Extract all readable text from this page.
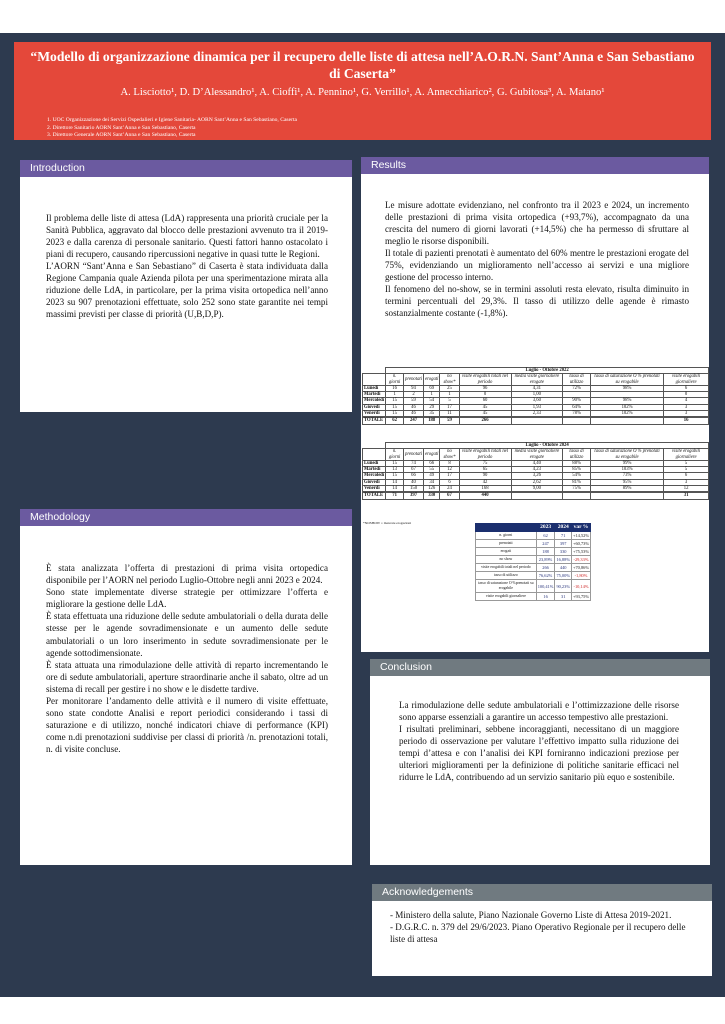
“Modello di organizzazione dinamica per il recupero delle liste di attesa nell’A.O.R.N. Sant’Anna e San Sebastiano di Caserta”
A. Lisciotto¹, D. D’Alessandro¹, A. Cioffi¹, A. Pennino¹, G. Verrillo¹, A. Annecchiarico², G. Gubitosa³, A. Matano¹
1. UOC Organizzazione dei Servizi Ospedalieri e Igiene Sanitaria- AORN Sant’Anna e San Sebastiano, Caserta
2. Direttore Sanitario AORN Sant’Anna e San Sebastiano, Caserta
3. Direttore Generale AORN Sant’Anna e San Sebastiano, Caserta
Introduction

Il problema delle liste di attesa (LdA) rappresenta una priorità cruciale per la Sanità Pubblica, aggravato dal blocco delle prestazioni avvenuto tra il 2019-2023 e dalla carenza di personale sanitario. Questi fattori hanno ostacolato i piani di recupero, causando ripercussioni negative in quasi tutte le Regioni.

L’AORN “Sant’Anna e San Sebastiano” di Caserta è stata individuata dalla Regione Campania quale Azienda pilota per una sperimentazione mirata alla riduzione delle LdA, in particolare, per la prima visita ortopedica nell’anno 2023 su 907 prenotazioni effettuate, solo 252 sono state garantite nei tempi massimi previsti per classe di priorità (U,B,D,P).

Methodology

È stata analizzata l’offerta di prestazioni di prima visita ortopedica disponibile per l’AORN nel periodo Luglio-Ottobre negli anni 2023 e 2024.

Sono state implementate diverse strategie per ottimizzare l’offerta e migliorare la gestione delle LdA.

È stata effettuata una riduzione delle sedute ambulatoriali o della durata delle stesse per le agende sovradimensionate e un aumento delle sedute ambulatoriali o un loro inserimento in sedute sovradimensionate per le agende sottodimensionate.

È stata attuata una rimodulazione delle attività di reparto incrementando le ore di sedute ambulatoriali, aperture straordinarie anche il sabato, oltre ad un sistema di recall per gestire i no show e le disdette tardive.

Per monitorare l’andamento delle attività e il numero di visite effettuate, sono state condotte Analisi e report periodici considerando i tassi di saturazione e di utilizzo, nonché indicatori chiave di performance (KPI) come n.di prenotazioni suddivise per classi di priorità /n. prenotazioni totali, n. di visite concluse.

Results

Le misure adottate evidenziano, nel confronto tra il 2023 e 2024, un incremento delle prestazioni di prima visita ortopedica (+93,7%), accompagnato da una crescita del numero di giorni lavorati (+14,5%) che ha permesso di sfruttare al meglio le risorse disponibili.

Il totale di pazienti prenotati è aumentato del 60% mentre le prestazioni erogate del 75%, evidenziando un miglioramento nell’accesso ai servizi e una migliore gestione del processo interno.

Il fenomeno del no-show, se in termini assoluti resta elevato, risulta diminuito in termini percentuali del 29,3%. Il tasso di utilizzo delle agende è rimasto sostanzialmente costante (-1,8%).

	Luglio - Ottobre 2022								
	n. giorni	prenotati	erogati	no show*	visite erogabili totali nel periodo	media visite giornaliere erogate	tasso di utilizzo	tasso di saturazione O % prenotati su erogabile	visite erogabili giornaliere
Lunedì	16	94	69	25	96	4,31	72%	98%	6
Martedì	1	2	1	1	0	1,00			0
Mercoledì	15	59	54	5	60	3,60	90%	98%	4
Giovedì	15	46	29	17	45	1,93	64%	102%	3
Venerdì	15	46	35	11	45	2,33	78%	102%	3

TOTALE	62	247	188	59	266				16
	Luglio - Ottobre 2024								
	n. giorni	prenotati	erogati	no show*	visite erogabili totali nel periodo	media visite giornaliere erogate	tasso di utilizzo	tasso di saturazione O % prenotati su erogabile	visite erogabili giornaliere
Lunedì	15	74	66	8	75	4,40	88%	99%	5
Martedì	13	67	55	12	65	4,23	85%	103%	5
Mercoledì	15	66	49	17	90	3,26	54%	73%	6
Giovedì	14	40	34	6	42	2,62	81%	95%	3
Venerdì	14	150	126	24	168	9,00	75%	89%	12

TOTALE	71	397	330	67	440				31
*NOSHOW = mancate erogazioni
	2023	2024	var %
n. giorni	62	71	+14,52%
prenotati	247	397	+60,73%
erogati	188	330	+75,53%
no show	23,89%	16,88%	-29,33%
visite erogabili totali nel periodo	266	440	+70,86%
tasso di utilizzo	76,62%	75,00%	-1,80%
tasso di saturazione O %prenotati su erogabile	100,41%	90,23%	-10,14%
visite erogabili giornaliere	16	31	+93,75%
Conclusion

La rimodulazione delle sedute ambulatoriali e l’ottimizzazione delle risorse sono apparse essenziali a garantire un accesso tempestivo alle prestazioni.

I risultati preliminari, sebbene incoraggianti, necessitano di un maggiore periodo di osservazione per valutare l’effettivo impatto sulla riduzione dei tempi d’attesa e con l’analisi dei KPI forniranno indicazioni preziose per ulteriori miglioramenti per la definizione di politiche sanitarie efficaci nel ridurre le LdA, contribuendo ad un servizio sanitario più equo e sostenibile.

Acknowledgements

- Ministero della salute, Piano Nazionale Governo Liste di Attesa 2019-2021.

- D.G.R.C. n. 379 del 29/6/2023. Piano Operativo Regionale per il recupero delle liste di attesa
